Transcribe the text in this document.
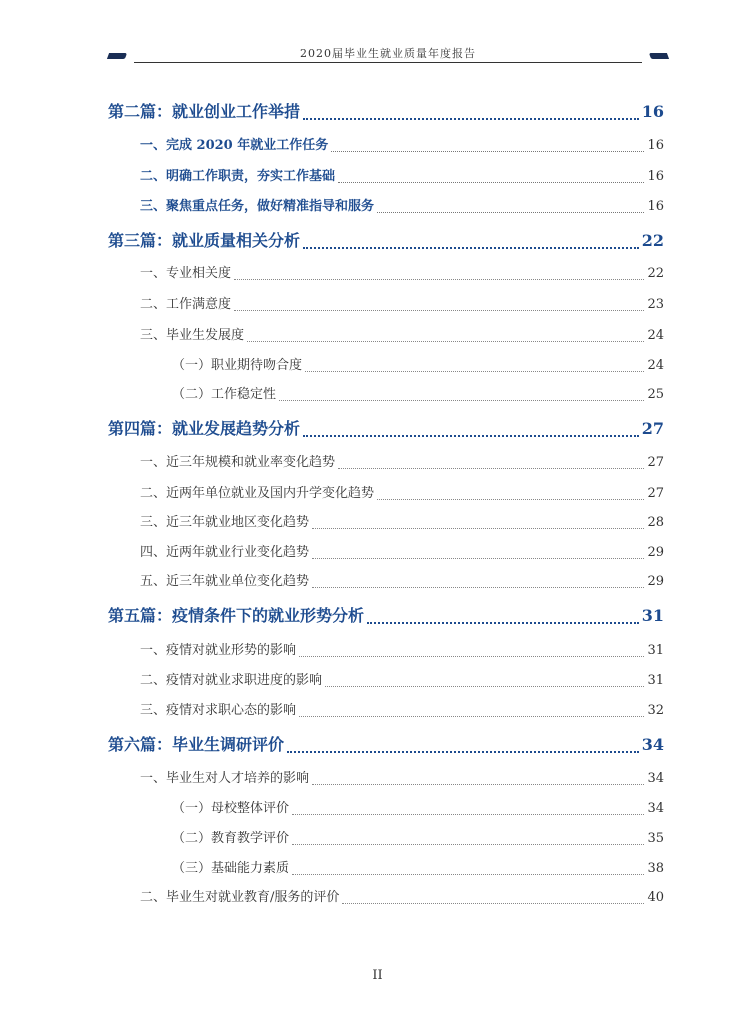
2020届毕业生就业质量年度报告
第二篇：就业创业工作举措
	16
一、完成 2020 年就业工作任务
	16
二、明确工作职责，夯实工作基础
	16
三、聚焦重点任务，做好精准指导和服务
	16
第三篇：就业质量相关分析
	22
一、专业相关度
	22
二、工作满意度
	23
三、毕业生发展度
	24
（一）职业期待吻合度
	24
（二）工作稳定性
	25
第四篇：就业发展趋势分析
	27
一、近三年规模和就业率变化趋势
	27
二、近两年单位就业及国内升学变化趋势
	27
三、近三年就业地区变化趋势
	28
四、近两年就业行业变化趋势
	29
五、近三年就业单位变化趋势
	29
第五篇：疫情条件下的就业形势分析
	31
一、疫情对就业形势的影响
	31
二、疫情对就业求职进度的影响
	31
三、疫情对求职心态的影响
	32
第六篇：毕业生调研评价
	34
一、毕业生对人才培养的影响
	34
（一）母校整体评价
	34
（二）教育教学评价
	35
（三）基础能力素质
	38
二、毕业生对就业教育/服务的评价
	40
II
